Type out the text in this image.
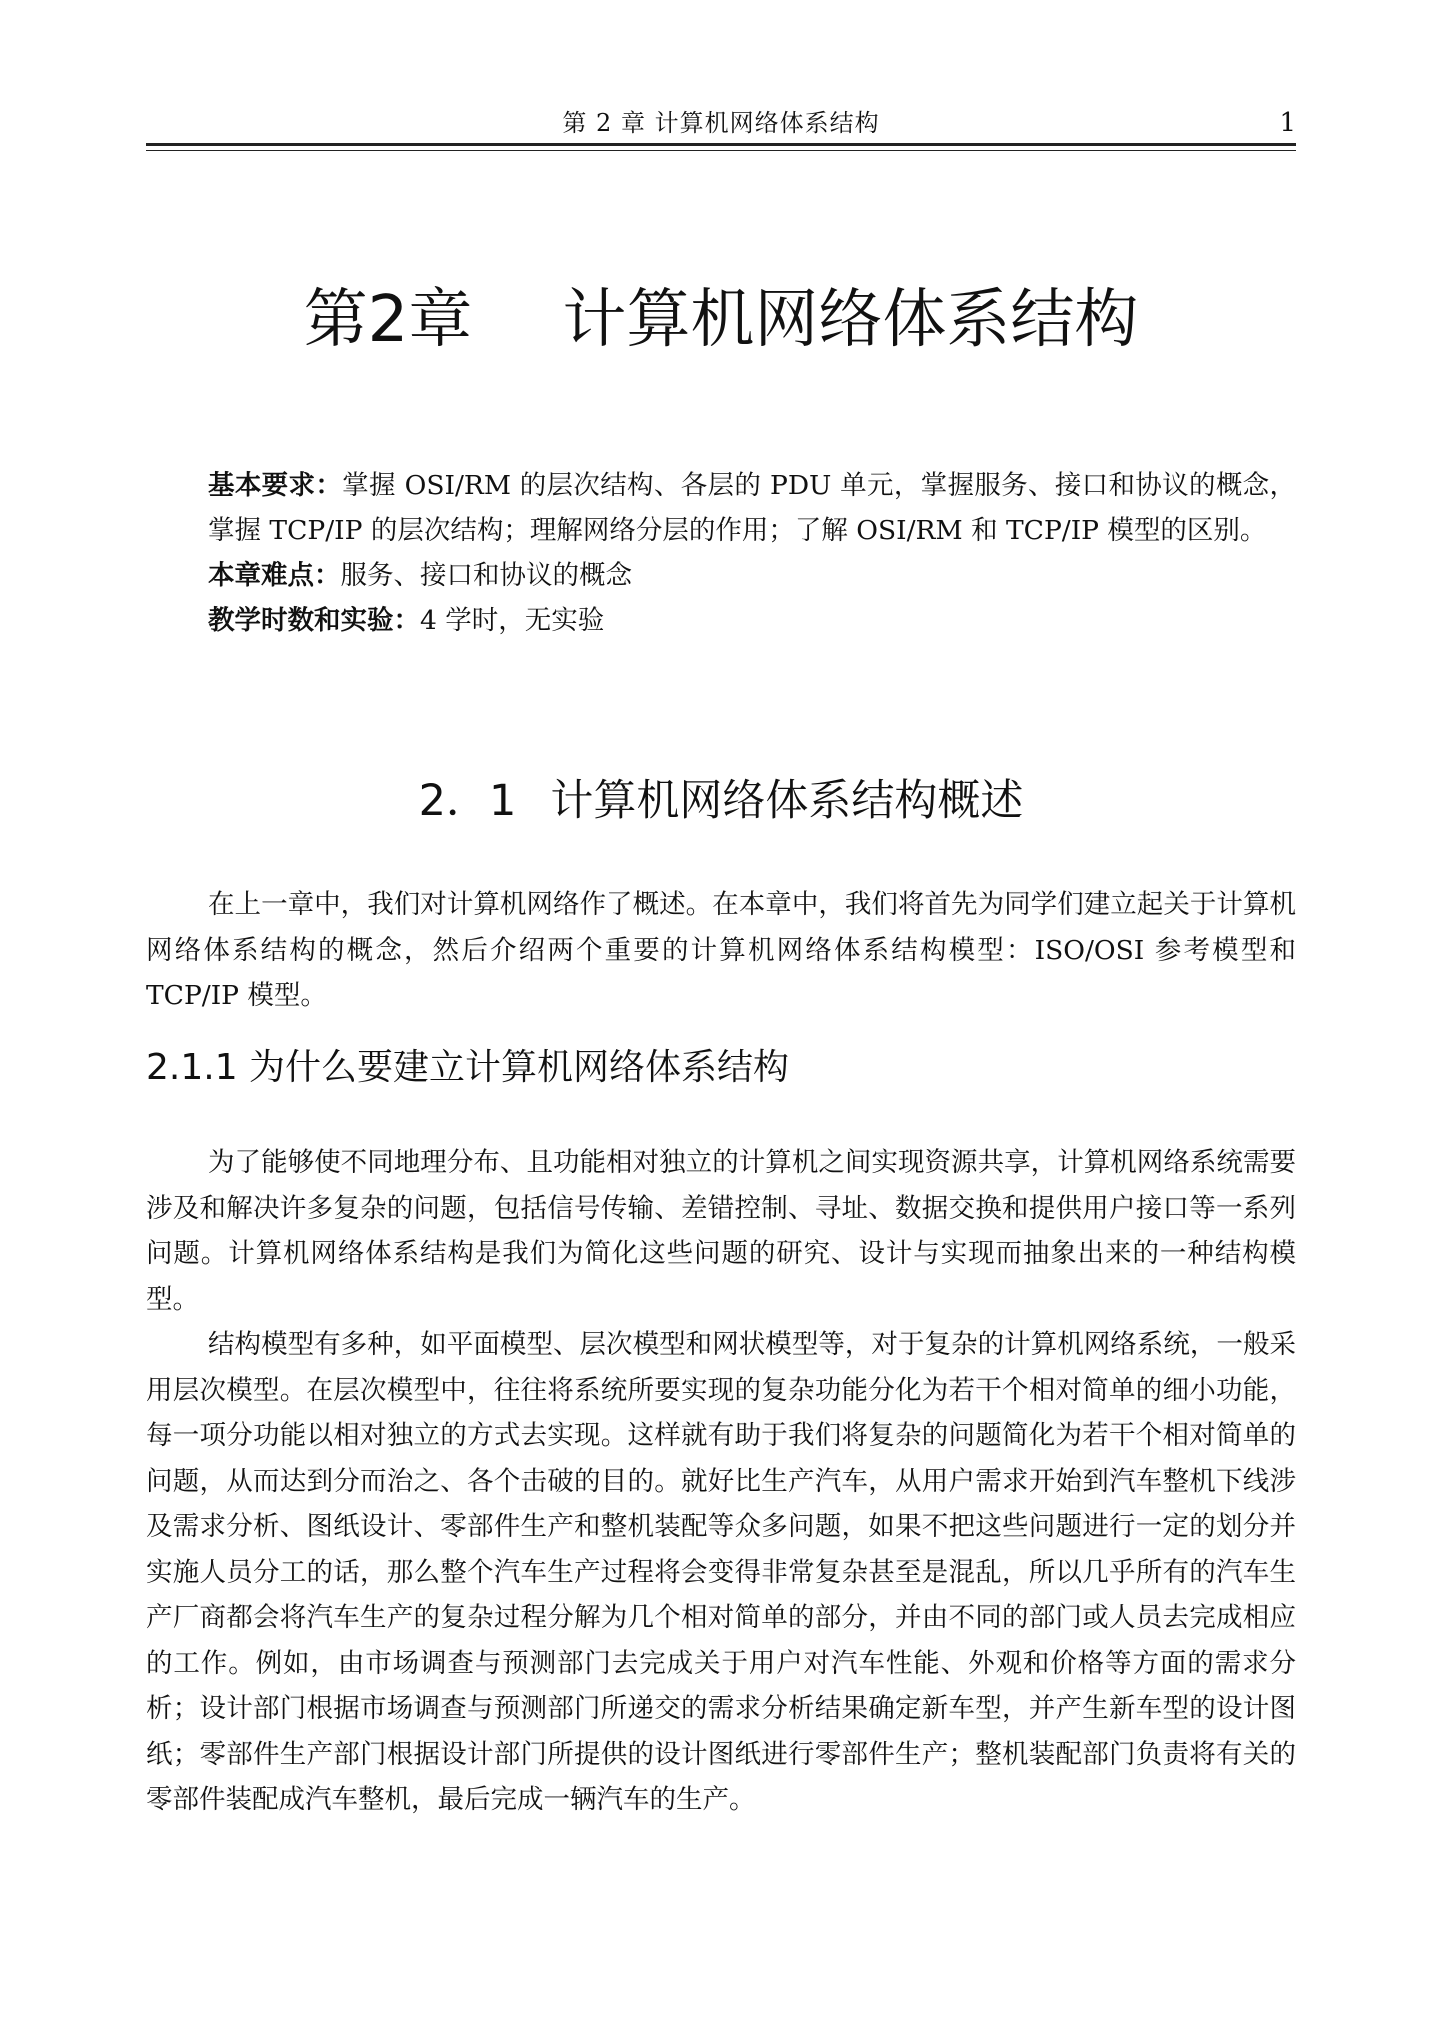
第 2 章 计算机网络体系结构	1
第2章 计算机网络体系结构

基本要求：掌握 OSI/RM 的层次结构、各层的 PDU 单元，掌握服务、接口和协议的概念，掌握 TCP/IP 的层次结构；理解网络分层的作用；了解 OSI/RM 和 TCP/IP 模型的区别。

本章难点：服务、接口和协议的概念

教学时数和实验：4 学时，无实验

2．1 计算机网络体系结构概述

在上一章中，我们对计算机网络作了概述。在本章中，我们将首先为同学们建立起关于计算机网络体系结构的概念，然后介绍两个重要的计算机网络体系结构模型：ISO/OSI 参考模型和 TCP/IP 模型。

2.1.1 为什么要建立计算机网络体系结构

为了能够使不同地理分布、且功能相对独立的计算机之间实现资源共享，计算机网络系统需要涉及和解决许多复杂的问题，包括信号传输、差错控制、寻址、数据交换和提供用户接口等一系列问题。计算机网络体系结构是我们为简化这些问题的研究、设计与实现而抽象出来的一种结构模型。

结构模型有多种，如平面模型、层次模型和网状模型等，对于复杂的计算机网络系统，一般采用层次模型。在层次模型中，往往将系统所要实现的复杂功能分化为若干个相对简单的细小功能，每一项分功能以相对独立的方式去实现。这样就有助于我们将复杂的问题简化为若干个相对简单的问题，从而达到分而治之、各个击破的目的。就好比生产汽车，从用户需求开始到汽车整机下线涉及需求分析、图纸设计、零部件生产和整机装配等众多问题，如果不把这些问题进行一定的划分并实施人员分工的话，那么整个汽车生产过程将会变得非常复杂甚至是混乱，所以几乎所有的汽车生产厂商都会将汽车生产的复杂过程分解为几个相对简单的部分，并由不同的部门或人员去完成相应的工作。例如，由市场调查与预测部门去完成关于用户对汽车性能、外观和价格等方面的需求分析；设计部门根据市场调查与预测部门所递交的需求分析结果确定新车型，并产生新车型的设计图纸；零部件生产部门根据设计部门所提供的设计图纸进行零部件生产；整机装配部门负责将有关的零部件装配成汽车整机，最后完成一辆汽车的生产。
